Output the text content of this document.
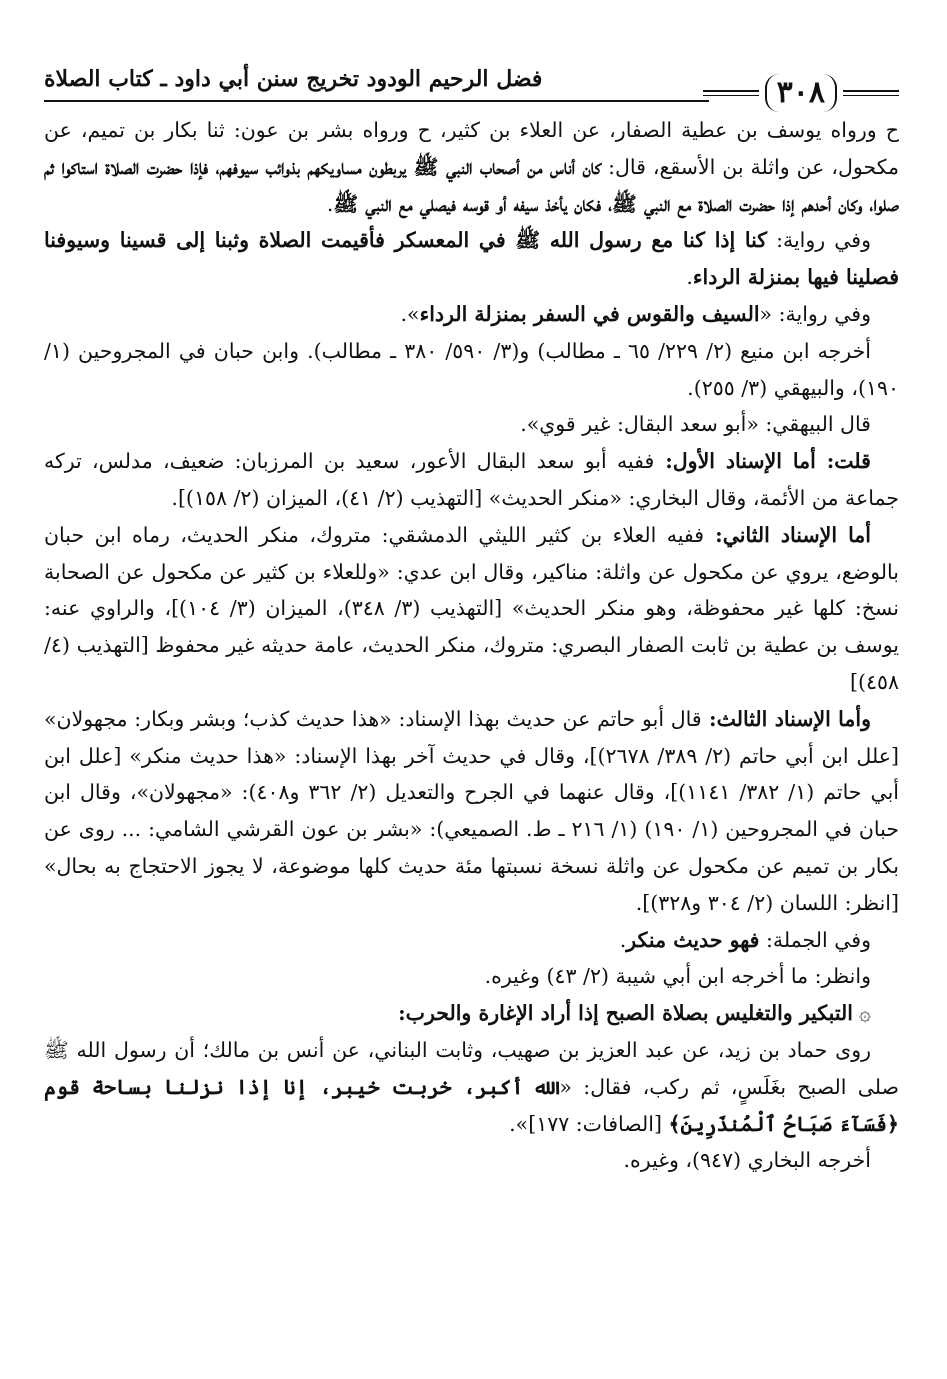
۳۰۸
فضل الرحيم الودود تخريج سنن أبي داود ـ كتاب الصلاة

ح ورواه يوسف بن عطية الصفار، عن العلاء بن كثير، ح ورواه بشر بن عون: ثنا بكار بن تميم، عن مكحول، عن واثلة بن الأسقع، قال: كان أناس من أصحاب النبي ﷺ يربطون مساويكهم بذوائب سيوفهم، فإذا حضرت الصلاة استاكوا ثم صلوا، وكان أحدهم إذا حضرت الصلاة مع النبي ﷺ، فكان يأخذ سيفه أو قوسه فيصلي مع النبي ﷺ.

وفي رواية: كنا إذا كنا مع رسول الله ﷺ في المعسكر فأقيمت الصلاة وثبنا إلى قسينا وسيوفنا فصلينا فيها بمنزلة الرداء.

وفي رواية: «السيف والقوس في السفر بمنزلة الرداء».

أخرجه ابن منيع (۲/ ۲۲۹/ ٦٥ ـ مطالب) و(۳/ ٥۹۰/ ۳۸۰ ـ مطالب). وابن حبان في المجروحين (۱/ ۱۹۰)، والبيهقي (۳/ ۲٥٥).

قال البيهقي: «أبو سعد البقال: غير قوي».

قلت: أما الإسناد الأول: ففيه أبو سعد البقال الأعور، سعيد بن المرزبان: ضعيف، مدلس، تركه جماعة من الأئمة، وقال البخاري: «منكر الحديث» [التهذيب (۲/ ٤۱)، الميزان (۲/ ۱٥۸)].

أما الإسناد الثاني: ففيه العلاء بن كثير الليثي الدمشقي: متروك، منكر الحديث، رماه ابن حبان بالوضع، يروي عن مكحول عن واثلة: مناكير، وقال ابن عدي: «وللعلاء بن كثير عن مكحول عن الصحابة نسخ: كلها غير محفوظة، وهو منكر الحديث» [التهذيب (۳/ ۳٤۸)، الميزان (۳/ ۱۰٤)]، والراوي عنه: يوسف بن عطية بن ثابت الصفار البصري: متروك، منكر الحديث، عامة حديثه غير محفوظ [التهذيب (٤/ ٤٥۸)]

وأما الإسناد الثالث: قال أبو حاتم عن حديث بهذا الإسناد: «هذا حديث كذب؛ وبشر وبكار: مجهولان» [علل ابن أبي حاتم (۲/ ۳۸۹/ ۲٦۷۸)]، وقال في حديث آخر بهذا الإسناد: «هذا حديث منكر» [علل ابن أبي حاتم (۱/ ۳۸۲/ ۱۱٤۱)]، وقال عنهما في الجرح والتعديل (۲/ ۳٦۲ و٤۰۸): «مجهولان»، وقال ابن حبان في المجروحين (۱/ ۱۹۰) (۱/ ۲۱٦ ـ ط. الصميعي): «بشر بن عون القرشي الشامي: ... روى عن بكار بن تميم عن مكحول عن واثلة نسخة نسبتها مئة حديث كلها موضوعة، لا يجوز الاحتجاج به بحال» [انظر: اللسان (۲/ ۳۰٤ و۳۲۸)].

وفي الجملة: فهو حديث منكر.

وانظر: ما أخرجه ابن أبي شيبة (۲/ ٤۳) وغيره.

۞التبكير والتغليس بصلاة الصبح إذا أراد الإغارة والحرب:

روى حماد بن زيد، عن عبد العزيز بن صهيب، وثابت البناني، عن أنس بن مالك؛ أن رسول الله ﷺ صلى الصبح بغَلَسٍ، ثم ركب، فقال: «الله أكبر، خربت خيبر، إنا إذا نزلنا بساحة قوم ﴿فَسَآءَ صَبَاحُ ٱلْمُنذَرِينَ﴾ [الصافات: ۱۷۷]».

أخرجه البخاري (۹٤۷)، وغيره.
